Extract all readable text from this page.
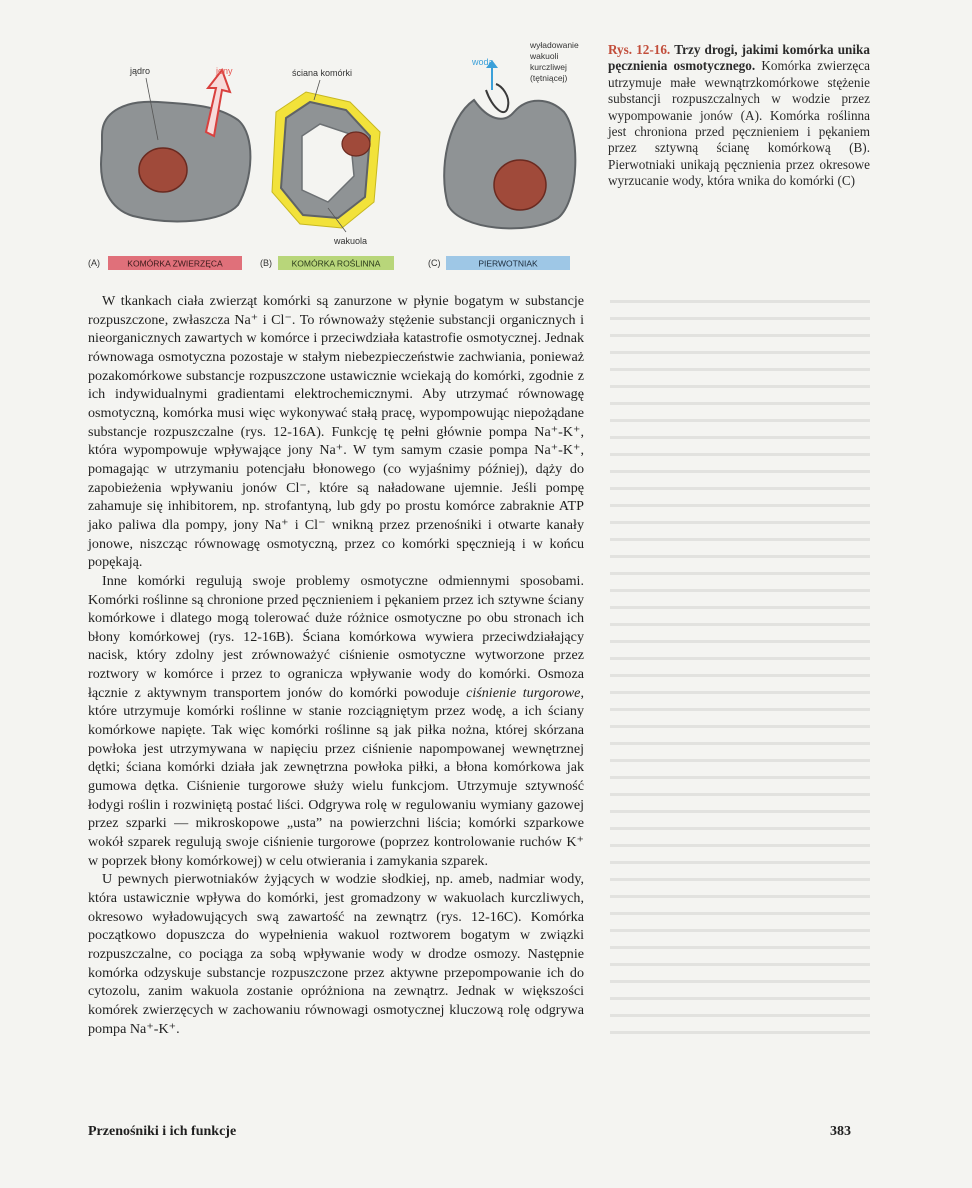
jądro	jony	ściana komórki
wakuola
woda
wyładowanie
wakuoli
kurczliwej
(tętniącej)
(A)	KOMÓRKA ZWIERZĘCA	(B) KOMÓRKA ROŚLINNA	(C)	PIERWOTNIAK
Rys. 12-16. Trzy drogi, jakimi komórka unika pęcznienia osmotycznego. Komórka zwierzęca utrzymuje małe wewnątrzkomórkowe stężenie substancji rozpuszczalnych w wodzie przez wypompowanie jonów (A). Komórka roślinna jest chroniona przed pęcznieniem i pękaniem przez sztywną ścianę komórkową (B). Pierwotniaki unikają pęcznienia przez okresowe wyrzucanie wody, która wnika do komórki (C)

W tkankach ciała zwierząt komórki są zanurzone w płynie bogatym w substancje rozpuszczone, zwłaszcza Na⁺ i Cl⁻. To równoważy stężenie substancji organicznych i nieorganicznych zawartych w komórce i przeciwdziała katastrofie osmotycznej. Jednak równowaga osmotyczna pozostaje w stałym niebezpieczeństwie zachwiania, ponieważ pozakomórkowe substancje rozpuszczone ustawicznie wciekają do komórki, zgodnie z ich indywidualnymi gradientami elektrochemicznymi. Aby utrzymać równowagę osmotyczną, komórka musi więc wykonywać stałą pracę, wypompowując niepożądane substancje rozpuszczalne (rys. 12-16A). Funkcję tę pełni głównie pompa Na⁺-K⁺, która wypompowuje wpływające jony Na⁺. W tym samym czasie pompa Na⁺-K⁺, pomagając w utrzymaniu potencjału błonowego (co wyjaśnimy później), dąży do zapobieżenia wpływaniu jonów Cl⁻, które są naładowane ujemnie. Jeśli pompę zahamuje się inhibitorem, np. strofantyną, lub gdy po prostu komórce zabraknie ATP jako paliwa dla pompy, jony Na⁺ i Cl⁻ wnikną przez przenośniki i otwarte kanały jonowe, niszcząc równowagę osmotyczną, przez co komórki spęcznieją i w końcu popękają.

Inne komórki regulują swoje problemy osmotyczne odmiennymi sposobami. Komórki roślinne są chronione przed pęcznieniem i pękaniem przez ich sztywne ściany komórkowe i dlatego mogą tolerować duże różnice osmotyczne po obu stronach ich błony komórkowej (rys. 12-16B). Ściana komórkowa wywiera przeciwdziałający nacisk, który zdolny jest zrównoważyć ciśnienie osmotyczne wytworzone przez roztwory w komórce i przez to ogranicza wpływanie wody do komórki. Osmoza łącznie z aktywnym transportem jonów do komórki powoduje ciśnienie turgorowe, które utrzymuje komórki roślinne w stanie rozciągniętym przez wodę, a ich ściany komórkowe napięte. Tak więc komórki roślinne są jak piłka nożna, której skórzana powłoka jest utrzymywana w napięciu przez ciśnienie napompowanej wewnętrznej dętki; ściana komórki działa jak zewnętrzna powłoka piłki, a błona komórkowa jak gumowa dętka. Ciśnienie turgorowe służy wielu funkcjom. Utrzymuje sztywność łodygi roślin i rozwiniętą postać liści. Odgrywa rolę w regulowaniu wymiany gazowej przez szparki — mikroskopowe „usta” na powierzchni liścia; komórki szparkowe wokół szparek regulują swoje ciśnienie turgorowe (poprzez kontrolowanie ruchów K⁺ w poprzek błony komórkowej) w celu otwierania i zamykania szparek.

U pewnych pierwotniaków żyjących w wodzie słodkiej, np. ameb, nadmiar wody, która ustawicznie wpływa do komórki, jest gromadzony w wakuolach kurczliwych, okresowo wyładowujących swą zawartość na zewnątrz (rys. 12-16C). Komórka początkowo dopuszcza do wypełnienia wakuol roztworem bogatym w związki rozpuszczalne, co pociąga za sobą wpływanie wody w drodze osmozy. Następnie komórka odzyskuje substancje rozpuszczone przez aktywne przepompowanie ich do cytozolu, zanim wakuola zostanie opróżniona na zewnątrz. Jednak w większości komórek zwierzęcych w zachowaniu równowagi osmotycznej kluczową rolę odgrywa pompa Na⁺-K⁺.

Przenośniki i ich funkcje	383
